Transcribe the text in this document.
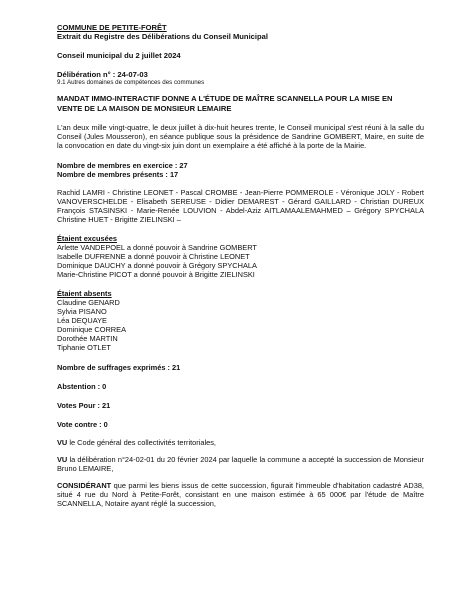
COMMUNE DE PETITE-FORÊT
Extrait du Registre des Délibérations du Conseil Municipal
Conseil municipal du 2 juillet 2024
Délibération n° : 24-07-03
9.1 Autres domaines de compétences des communes
MANDAT IMMO-INTERACTIF DONNE A L'ÉTUDE DE MAÎTRE SCANNELLA POUR LA MISE EN
VENTE DE LA MAISON DE MONSIEUR LEMAIRE

L'an deux mille vingt-quatre, le deux juillet à dix-huit heures trente, le Conseil municipal s'est réuni à la salle du Conseil (Jules Mousseron), en séance publique sous la présidence de Sandrine GOMBERT, Maire, en suite de la convocation en date du vingt-six juin dont un exemplaire a été affiché à la porte de la Mairie.

Nombre de membres en exercice : 27
Nombre de membres présents : 17

Rachid LAMRI - Christine LEONET - Pascal CROMBE - Jean-Pierre POMMEROLE - Véronique JOLY - Robert VANOVERSCHELDE - Elisabeth SEREUSE - Didier DEMAREST - Gérard GAILLARD - Christian DUREUX François STASINSKI - Marie-Renée LOUVION - Abdel-Aziz AITLAMAALEMAHMED – Grégory SPYCHALA Christine HUET - Brigitte ZIELINSKI –

Étaient excusées
Arlette VANDEPOEL a donné pouvoir à Sandrine GOMBERT
Isabelle DUFRENNE a donné pouvoir à Christine LEONET
Dominique DAUCHY a donné pouvoir à Grégory SPYCHALA
Marie-Christine PICOT a donné pouvoir à Brigitte ZIELINSKI
Étaient absents
Claudine GENARD
Sylvia PISANO
Léa DEQUAYE
Dominique CORREA
Dorothée MARTIN
Tiphanie OTLET
Nombre de suffrages exprimés : 21
Abstention : 0
Votes Pour : 21
Vote contre : 0

VU le Code général des collectivités territoriales,

VU la délibération n°24-02-01 du 20 février 2024 par laquelle la commune a accepté la succession de Monsieur Bruno LEMAIRE,

CONSIDÉRANT que parmi les biens issus de cette succession, figurait l'immeuble d'habitation cadastré AD38, situé 4 rue du Nord à Petite-Forêt, consistant en une maison estimée à 65 000€ par l'étude de Maître SCANNELLA, Notaire ayant réglé la succession,
